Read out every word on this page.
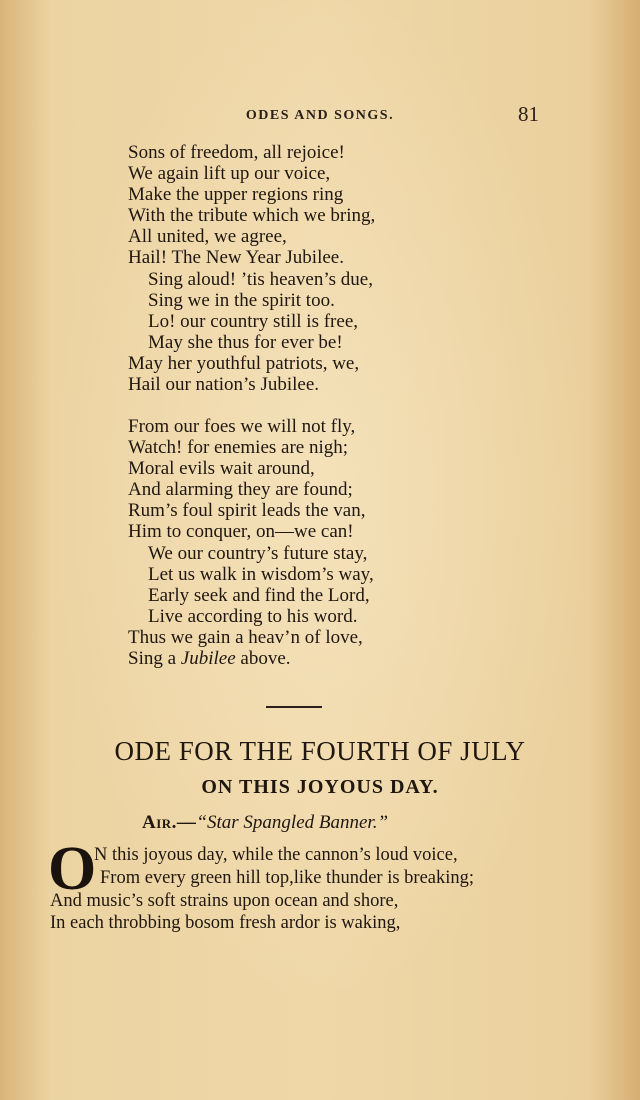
ODES AND SONGS.	81
Sons of freedom, all rejoice!
We again lift up our voice,
Make the upper regions ring
With the tribute which we bring,
All united, we agree,
Hail! The New Year Jubilee.
Sing aloud! ’tis heaven’s due,
Sing we in the spirit too.
Lo! our country still is free,
May she thus for ever be!
May her youthful patriots, we,
Hail our nation’s Jubilee.
From our foes we will not fly,
Watch! for enemies are nigh;
Moral evils wait around,
And alarming they are found;
Rum’s foul spirit leads the van,
Him to conquer, on—we can!
We our country’s future stay,
Let us walk in wisdom’s way,
Early seek and find the Lord,
Live according to his word.
Thus we gain a heav’n of love,
Sing a Jubilee above.
ODE FOR THE FOURTH OF JULY
ON THIS JOYOUS DAY.
Air.—“Star Spangled Banner.”
O
N this joyous day, while the cannon’s loud voice,
From every green hill top,like thunder is breaking;
And music’s soft strains upon ocean and shore,
In each throbbing bosom fresh ardor is waking,
